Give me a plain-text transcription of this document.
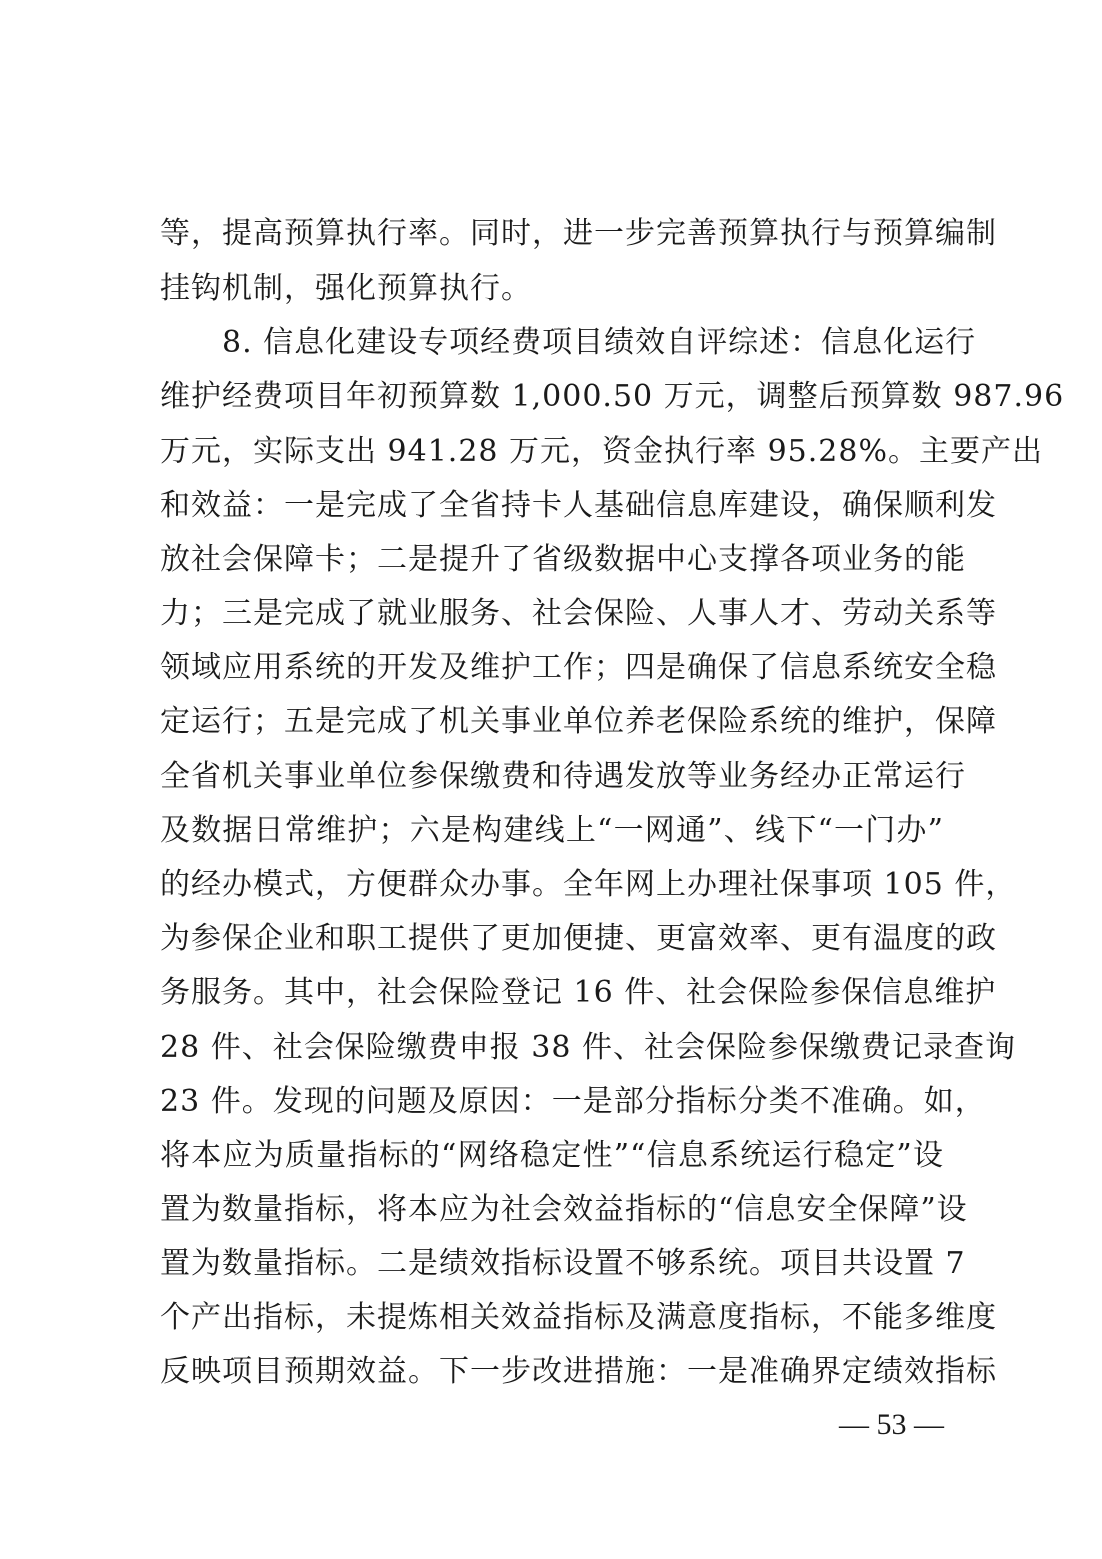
等，提高预算执行率。同时，进一步完善预算执行与预算编制
挂钩机制，强化预算执行。
　　8. 信息化建设专项经费项目绩效自评综述：信息化运行
维护经费项目年初预算数 1,000.50 万元，调整后预算数 987.96
万元，实际支出 941.28 万元，资金执行率 95.28%。主要产出
和效益：一是完成了全省持卡人基础信息库建设，确保顺利发
放社会保障卡；二是提升了省级数据中心支撑各项业务的能
力；三是完成了就业服务、社会保险、人事人才、劳动关系等
领域应用系统的开发及维护工作；四是确保了信息系统安全稳
定运行；五是完成了机关事业单位养老保险系统的维护，保障
全省机关事业单位参保缴费和待遇发放等业务经办正常运行
及数据日常维护；六是构建线上“一网通”、线下“一门办”
的经办模式，方便群众办事。全年网上办理社保事项 105 件，
为参保企业和职工提供了更加便捷、更富效率、更有温度的政
务服务。其中，社会保险登记 16 件、社会保险参保信息维护
28 件、社会保险缴费申报 38 件、社会保险参保缴费记录查询
23 件。发现的问题及原因：一是部分指标分类不准确。如，
将本应为质量指标的“网络稳定性”“信息系统运行稳定”设
置为数量指标，将本应为社会效益指标的“信息安全保障”设
置为数量指标。二是绩效指标设置不够系统。项目共设置 7
个产出指标，未提炼相关效益指标及满意度指标，不能多维度
反映项目预期效益。下一步改进措施：一是准确界定绩效指标
— 53 —
